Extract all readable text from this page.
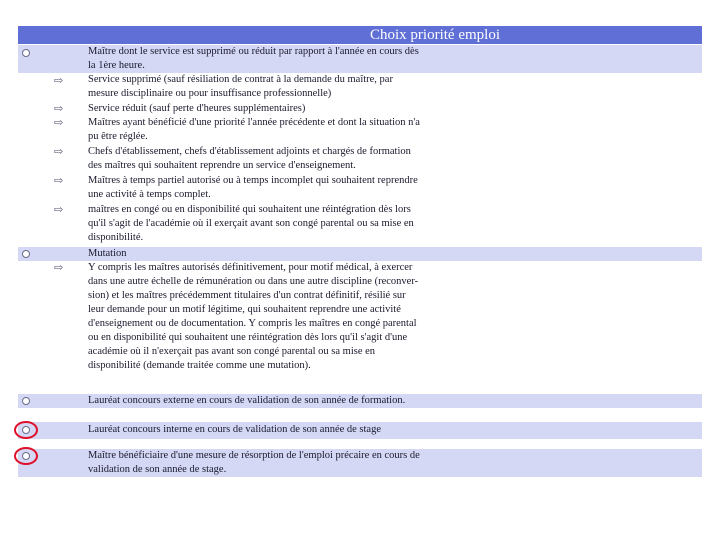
Choix priorité emploi
Maître dont le service est supprimé ou réduit par rapport à l'année en cours dès la 1ère heure.
⇨ Service supprimé (sauf résiliation de contrat à la demande du maître, par mesure disciplinaire ou pour insuffisance professionnelle)
⇨ Service réduit (sauf perte d'heures supplémentaires)
⇨ Maîtres ayant bénéficié d'une priorité l'année précédente et dont la situation n'a pu être réglée.
⇨ Chefs d'établissement, chefs d'établissement adjoints et chargés de formation des maîtres qui souhaitent reprendre un service d'enseignement.
⇨ Maîtres à temps partiel autorisé ou à temps incomplet qui souhaitent reprendre une activité à temps complet.
⇨ maîtres en congé ou en disponibilité qui souhaitent une réintégration dès lors qu'il s'agit de l'académie où il exerçait avant son congé parental ou sa mise en disponibilité.
Mutation
⇨ Y compris les maîtres autorisés définitivement, pour motif médical, à exercer dans une autre échelle de rémunération ou dans une autre discipline (reconver-sion) et les maîtres précédemment titulaires d'un contrat définitif, résilié sur leur demande pour un motif légitime, qui souhaitent reprendre une activité d'enseignement ou de documentation. Y compris les maîtres en congé parental ou en disponibilité qui souhaitent une réintégration dès lors qu'il s'agit d'une académie où il n'exerçait pas avant son congé parental ou sa mise en disponibilité (demande traitée comme une mutation).
Lauréat concours externe en cours de validation de son année de formation.
Lauréat concours interne en cours de validation de son année de stage
Maître bénéficiaire d'une mesure de résorption de l'emploi précaire en cours de validation de son année de stage.
